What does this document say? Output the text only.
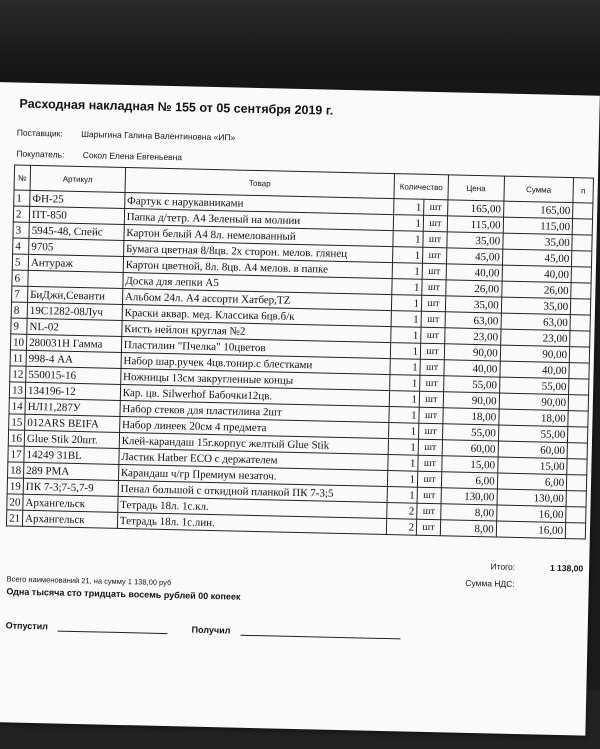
Расходная накладная № 155 от 05 сентября 2019 г.
Поставщик: Шарыгина Галина Валентиновна «ИП»
Покупатель: Сокол Елена Евгеньевна
№	Артикул	Товар	Количество		Цена	Сумма	п
1	ФН-25	Фартук с нарукавниками	1	шт	165,00	165,00	
2	ПТ-850	Папка д/тетр. А4 Зеленый на молнии	1	шт	115,00	115,00	
3	5945-48, Спейс	Картон белый А4 8л. немелованный	1	шт	35,00	35,00	
4	9705	Бумага цветная 8/8цв. 2х сторон. мелов. глянец	1	шт	45,00	45,00	
5	Антураж	Картон цветной, 8л. 8цв. А4 мелов. в папке	1	шт	40,00	40,00	
6		Доска для лепки А5	1	шт	26,00	26,00	
7	БиДжи,Севанти	Альбом 24л. А4 ассорти Хатбер,TZ	1	шт	35,00	35,00	
8	19С1282-08Луч	Краски аквар. мед. Классика 6цв.б/к	1	шт	63,00	63,00	
9	NL-02	Кисть нейлон круглая №2	1	шт	23,00	23,00	
10	280031Н Гамма	Пластилин "Пчелка" 10цветов	1	шт	90,00	90,00	
11	998-4 АА	Набор шар.ручек 4цв.тонир.с блестками	1	шт	40,00	40,00	
12	550015-16	Ножницы 13см закругленные концы	1	шт	55,00	55,00	
13	134196-12	Кар. цв. Silwerhof Бабочки12цв.	1	шт	90,00	90,00	
14	НЛ11,287У	Набор стеков для пластилина 2шт	1	шт	18,00	18,00	
15	012ARS BEIFA	Набор линеек 20см 4 предмета	1	шт	55,00	55,00	
16	Glue Stik 20шт.	Клей-карандаш 15г.корпус желтый Glue Stik	1	шт	60,00	60,00	
17	14249 31BL	Ластик Hatber ECO с держателем	1	шт	15,00	15,00	
18	289 РМА	Карандаш ч/гр Премиум незаточ.	1	шт	6,00	6,00	
19	ПК 7-3;7-5,7-9	Пенал большой с откидной планкой ПК 7-3;5	1	шт	130,00	130,00	
20	Архангельск	Тетрадь 18л. 1с.кл.	2	шт	8,00	16,00	
21	Архангельск	Тетрадь 18л. 1с.лин.	2	шт	8,00	16,00	
Итого:	1 138,00
Сумма НДС:
Всего наименований 21, на сумму 1 138,00 руб
Одна тысяча сто тридцать восемь рублей 00 копеек
Отпустил	Получил
